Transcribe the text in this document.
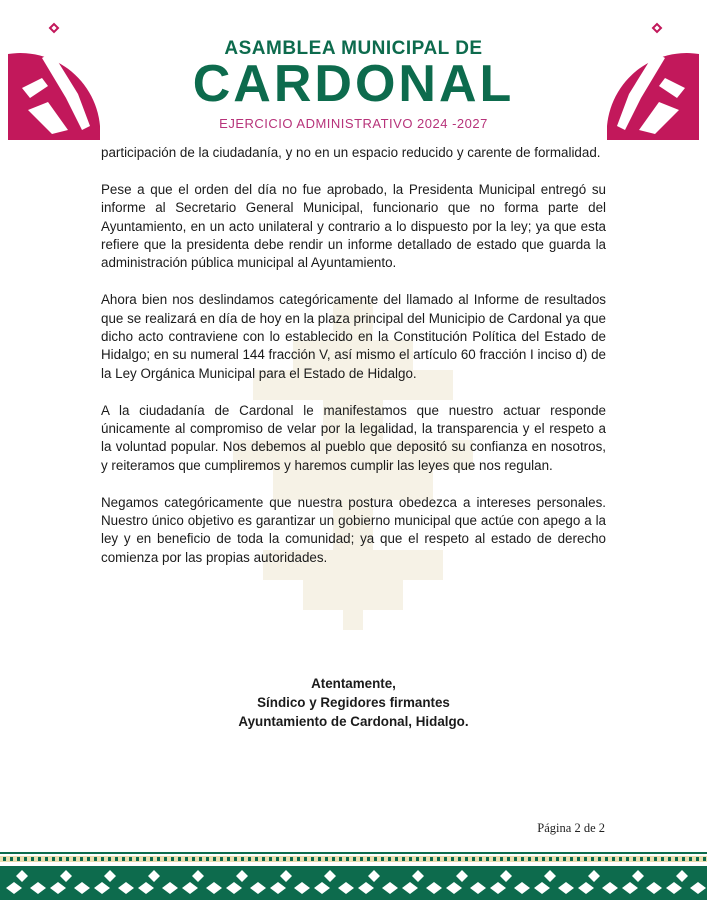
ASAMBLEA MUNICIPAL DE
CARDONAL
EJERCICIO ADMINISTRATIVO 2024 -2027

participación de la ciudadanía, y no en un espacio reducido y carente de formalidad.

Pese a que el orden del día no fue aprobado, la Presidenta Municipal entregó su informe al Secretario General Municipal, funcionario que no forma parte del Ayuntamiento, en un acto unilateral y contrario a lo dispuesto por la ley; ya que esta refiere que la presidenta debe rendir un informe detallado de estado que guarda la administración pública municipal al Ayuntamiento.

Ahora bien nos deslindamos categóricamente del llamado al Informe de resultados que se realizará en día de hoy en la plaza principal del Municipio de Cardonal ya que dicho acto contraviene con lo establecido en la Constitución Política del Estado de Hidalgo; en su numeral 144 fracción V, así mismo el artículo 60 fracción I inciso d) de la Ley Orgánica Municipal para el Estado de Hidalgo.

A la ciudadanía de Cardonal le manifestamos que nuestro actuar responde únicamente al compromiso de velar por la legalidad, la transparencia y el respeto a la voluntad popular. Nos debemos al pueblo que depositó su confianza en nosotros, y reiteramos que cumpliremos y haremos cumplir las leyes que nos regulan.

Negamos categóricamente que nuestra postura obedezca a intereses personales. Nuestro único objetivo es garantizar un gobierno municipal que actúe con apego a la ley y en beneficio de toda la comunidad; ya que el respeto al estado de derecho comienza por las propias autoridades.

Atentamente,
Síndico y Regidores firmantes
Ayuntamiento de Cardonal, Hidalgo.
Página 2 de 2
